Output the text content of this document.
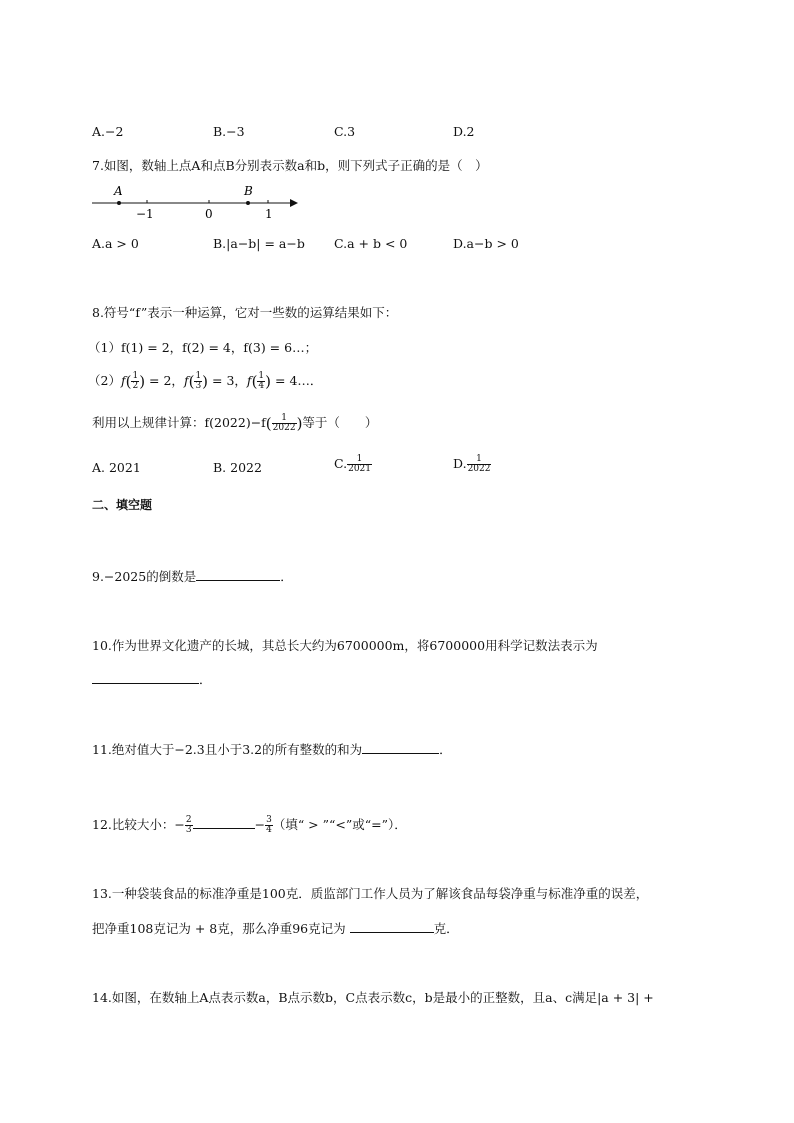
A.−2	B.−3	C.3	D.2
7.如图，数轴上点A和点B分别表示数a和b，则下列式子正确的是（　）
A	B
−1	0	1
A.a > 0	B.|a−b| = a−b C.a + b < 0	D.a−b > 0
8.符号“f”表示一种运算，它对一些数的运算结果如下：
（1）f(1) = 2，f(2) = 4，f(3) = 6…；
$(2)f( \frac{1}{2}$ ) = 2，$f( \frac{1}{3}$ ) = 3，$f( \frac{1}{4}$ ) = 4…．
利用以上规律计算：$f(2022)-f( \frac{1}{2022}$ )等于（　　）
A. 2021	B. 2022	C. $\frac{1}{2021}$	D. $\frac{1}{2022}$
二、填空题
9.−2025的倒数是	．
10.作为世界文化遗产的长城，其总长大约为6700000m，将6700000用科学记数法表示为
．
11.绝对值大于−2.3且小于3.2的所有整数的和为	．
12.比较大小：− $\frac{2}{3}$	− $\frac{3}{4}$ （填“ > ”“<”或“=”）．
13.一种袋装食品的标准净重是100克．质监部门工作人员为了解该食品每袋净重与标准净重的误差，
把净重108克记为 + 8克，那么净重96克记为	克．
14.如图，在数轴上A点表示数a，B点示数b，C点表示数c，b是最小的正整数，且a、c满足|a + 3| +
